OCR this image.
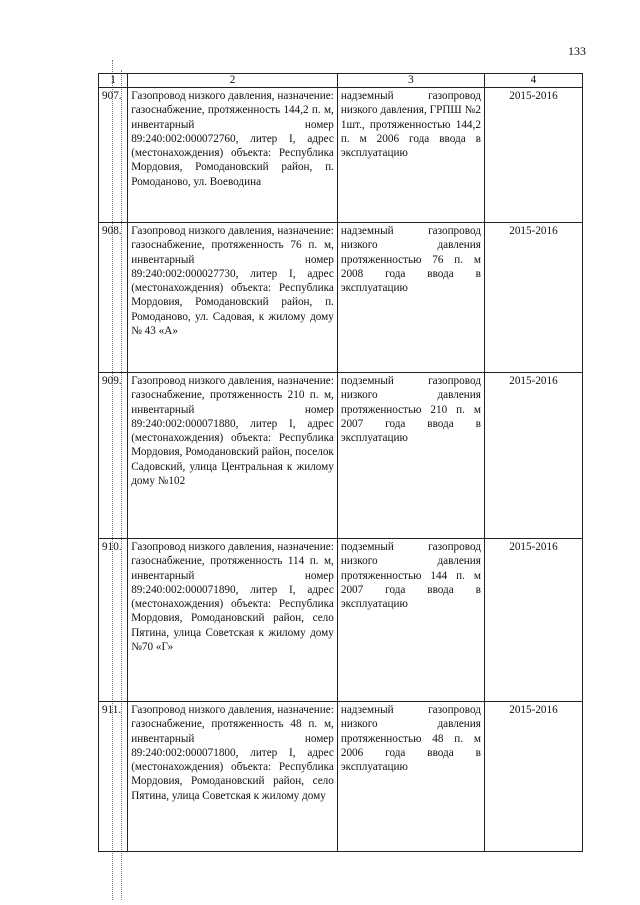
133
1	2	3	4
907.	Газопровод низкого давления, назначение: газоснабжение, протяженность 144,2 п. м, инвентарный номер 89:240:002:000072760, литер I, адрес (местонахождения) объекта: Республика Мордовия, Ромодановский район, п. Ромоданово, ул. Воеводина	надземный газопровод низкого давления, ГРПШ №2 1шт., протяженностью 144,2 п. м 2006 года ввода в эксплуатацию	2015-2016
908.	Газопровод низкого давления, назначение: газоснабжение, протяженность 76 п. м, инвентарный номер 89:240:002:000027730, литер I, адрес (местонахождения) объекта: Республика Мордовия, Ромодановский район, п. Ромоданово, ул. Садовая, к жилому дому № 43 «А»	надземный газопровод низкого давления протяженностью 76 п. м 2008 года ввода в эксплуатацию	2015-2016
909.	Газопровод низкого давления, назначение: газоснабжение, протяженность 210 п. м, инвентарный номер 89:240:002:000071880, литер I, адрес (местонахождения) объекта: Республика Мордовия, Ромодановский район, поселок Садовский, улица Центральная к жилому дому №102	подземный газопровод низкого давления протяженностью 210 п. м 2007 года ввода в эксплуатацию	2015-2016
910.	Газопровод низкого давления, назначение: газоснабжение, протяженность 114 п. м, инвентарный номер 89:240:002:000071890, литер I, адрес (местонахождения) объекта: Республика Мордовия, Ромодановский район, село Пятина, улица Советская к жилому дому №70 «Г»	подземный газопровод низкого давления протяженностью 144 п. м 2007 года ввода в эксплуатацию	2015-2016
911.	Газопровод низкого давления, назначение: газоснабжение, протяженность 48 п. м, инвентарный номер 89:240:002:000071800, литер I, адрес (местонахождения) объекта: Республика Мордовия, Ромодановский район, село Пятина, улица Советская к жилому дому	надземный газопровод низкого давления протяженностью 48 п. м 2006 года ввода в эксплуатацию	2015-2016
